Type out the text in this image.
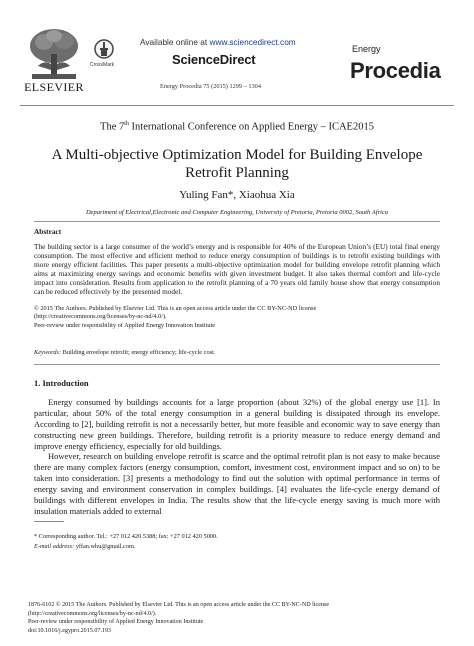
ELSEVIER
CrossMark
Available online at www.sciencedirect.com
ScienceDirect
Energy Procedia 75 (2015) 1299 – 1304
Energy
Procedia
The 7th International Conference on Applied Energy – ICAE2015
A Multi-objective Optimization Model for Building Envelope
Retrofit Planning
Yuling Fan*, Xiaohua Xia
Department of Electrical,Electronic and Computer Engineering, University of Pretoria, Pretoria 0002, South Africa
Abstract
The building sector is a large consumer of the world’s energy and is responsible for 40% of the European Union’s (EU) total final energy consumption. The most effective and efficient method to reduce energy consumption of buildings is to retrofit existing buildings with more energy efficient facilities. This paper presents a multi-objective optimization model for building envelope retrofit planning which aims at maximizing energy savings and economic benefits with given investment budget. It also takes thermal comfort and life-cycle impact into consideration. Results from application to the retrofit planning of a 70 years old family house show that energy consumption can be reduced effectively by the presented model.
© 2015 The Authors. Published by Elsevier Ltd. This is an open access article under the CC BY-NC-ND license
(http://creativecommons.org/licenses/by-nc-nd/4.0/).
Peer-review under responsibility of Applied Energy Innovation Institute
Keywords: Building envelope retrofit; energy efficiency; life-cycle cost.
1. Introduction
Energy consumed by buildings accounts for a large proportion (about 32%) of the global energy use [1]. In particular, about 50% of the total energy consumption in a general building is dissipated through its envelope. According to [2], building retrofit is not a necessarily better, but more feasible and economic way to save energy than constructing new green buildings. Therefore, building retrofit is a priority measure to reduce energy demand and improve energy efficiency, especially for old buildings.
However, research on building envelope retrofit is scarce and the optimal retrofit plan is not easy to make because there are many complex factors (energy consumption, comfort, investment cost, environment impact and so on) to be taken into consideration. [3] presents a methodology to find out the solution with optimal performance in terms of energy saving and environment conservation in complex buildings. [4] evaluates the life-cycle energy demand of buildings with different envelopes in India. The results show that the life-cycle energy saving is much more with insulation materials added to external
* Corresponding author. Tel.: +27 012 420 5388; fax: +27 012 420 5000.
E-mail address: yffan.whu@gmail.com.
1876-6102 © 2015 The Authors. Published by Elsevier Ltd. This is an open access article under the CC BY-NC-ND license
(http://creativecommons.org/licenses/by-nc-nd/4.0/).
Peer-review under responsibility of Applied Energy Innovation Institute
doi:10.1016/j.egypro.2015.07.193
